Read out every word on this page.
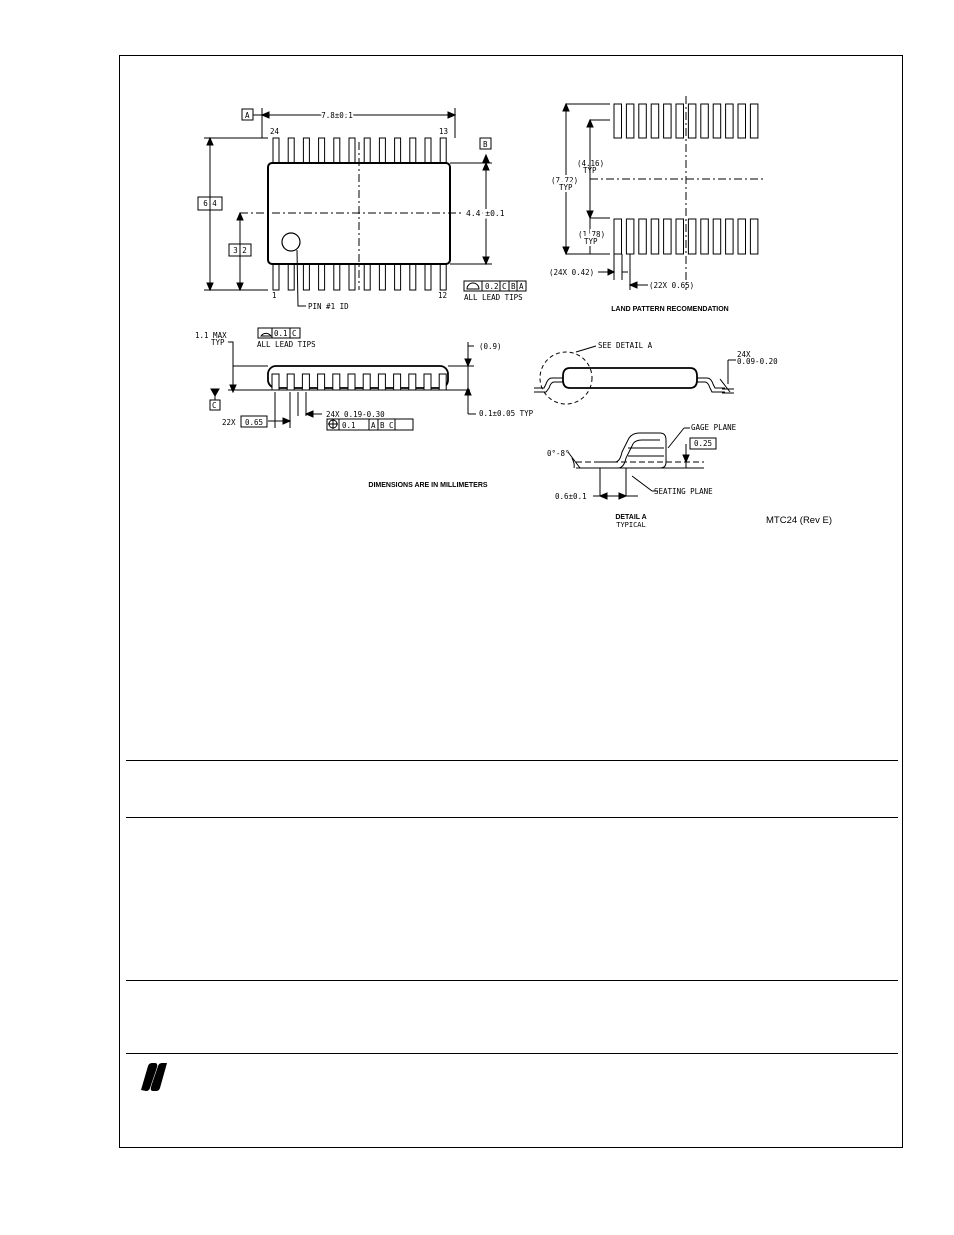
A	7.8±0.1
B
24	13
1	12
6.4
3.2
4.4 ±0.1
PIN #1 ID
0.2 C B A
ALL LEAD TIPS
(4.16)
TYP
(7.72)
TYP
(1.78)
TYP
(24X 0.42)
(22X 0.65)
LAND PATTERN RECOMENDATION
1.1 MAX
TYP
0.1 C
ALL LEAD TIPS	(0.9)
0.1±0.05 TYP
C
22X 0.65
24X 0.19-0.30
0.1 A B C
SEE DETAIL A
24X
0.09-0.20
GAGE PLANE
0.25
0°-8°
0.6±0.1
SEATING PLANE
DETAIL A
TYPICAL
DIMENSIONS ARE IN MILLIMETERS
MTC24 (Rev E)
